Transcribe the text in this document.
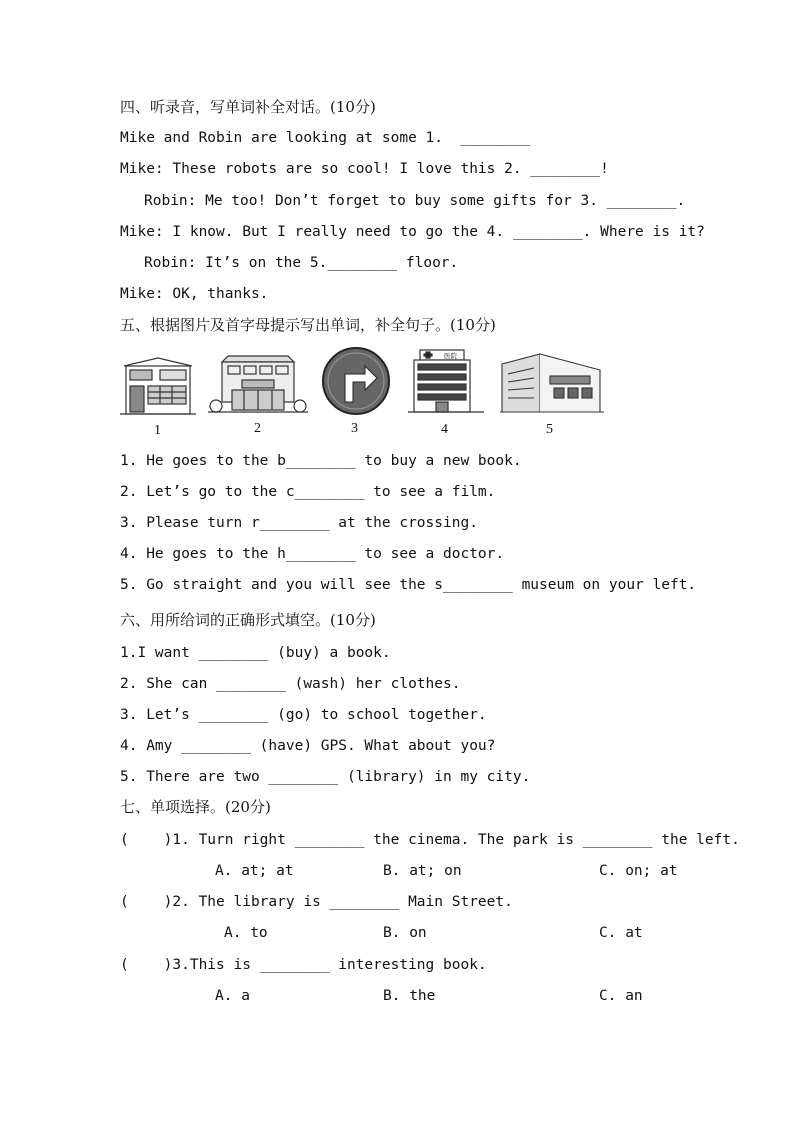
四、听录音，写单词补全对话。(10分)
Mike and Robin are looking at some 1.  ________
Mike: These robots are so cool! I love this 2. ________!
Robin: Me too! Don’t forget to buy some gifts for 3. ________.
Mike: I know. But I really need to go the 4. ________. Where is it?
Robin: It’s on the 5.________ floor.
Mike: OK, thanks.
五、根据图片及首字母提示写出单词，补全句子。(10分)
医院
1	2	3	4	5
1. He goes to the b________ to buy a new book.
2. Let’s go to the c________ to see a film.
3. Please turn r________ at the crossing.
4. He goes to the h________ to see a doctor.
5. Go straight and you will see the s________ museum on your left.
六、用所给词的正确形式填空。(10分)
1.I want ________ (buy) a book.
2. She can ________ (wash) her clothes.
3. Let’s ________ (go) to school together.
4. Amy ________ (have) GPS. What about you?
5. There are two ________ (library) in my city.
七、单项选择。(20分)
(    )1. Turn right ________ the cinema. The park is ________ the left.
A. at; at	B. at; on	C. on; at
(    )2. The library is ________ Main Street.
A. to	B. on	C. at
(    )3.This is ________ interesting book.
A. a	B. the	C. an
